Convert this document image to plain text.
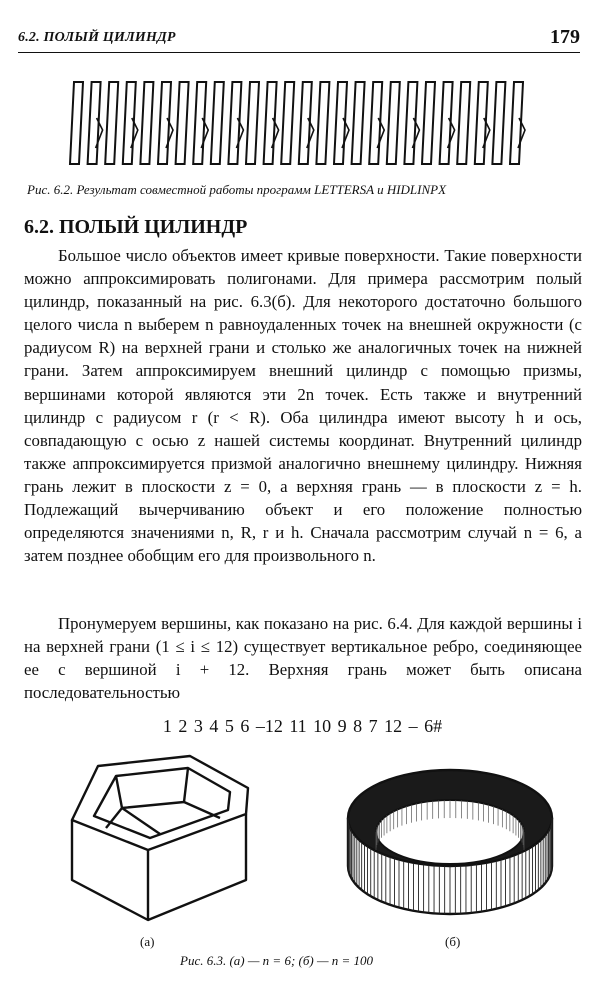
6.2. ПОЛЫЙ ЦИЛИНДР	179
Рис. 6.2. Результат совместной работы программ LETTERSA и HIDLINPX
6.2. ПОЛЫЙ ЦИЛИНДР

Большое число объектов имеет кривые поверхности. Такие поверхности можно аппроксимировать полигонами. Для примера рассмотрим полый цилиндр, показанный на рис. 6.3(б). Для некоторого достаточно большого целого числа n выберем n равноудаленных точек на внешней окружности (с радиусом R) на верхней грани и столько же аналогичных точек на нижней грани. Затем аппроксимируем внешний цилиндр с помощью призмы, вершинами которой являются эти 2n точек. Есть также и внутренний цилиндр с радиусом r (r < R). Оба цилиндра имеют высоту h и ось, совпадающую с осью z нашей системы координат. Внутренний цилиндр также аппроксимируется призмой аналогично внешнему цилиндру. Нижняя грань лежит в плоскости z = 0, а верхняя грань — в плоскости z = h. Подлежащий вычерчиванию объект и его положение полностью определяются значениями n, R, r и h. Сначала рассмотрим случай n = 6, а затем позднее обобщим его для произвольного n.

Пронумеруем вершины, как показано на рис. 6.4. Для каждой вершины i на верхней грани (1 ≤ i ≤ 12) существует вертикальное ребро, соединяющее ее с вершиной i + 12. Верхняя грань может быть описана последовательностью

1 2 3 4 5 6 –12 11 10 9 8 7 12 – 6#
(а)	(б)
Рис. 6.3. (а) — n = 6; (б) — n = 100
